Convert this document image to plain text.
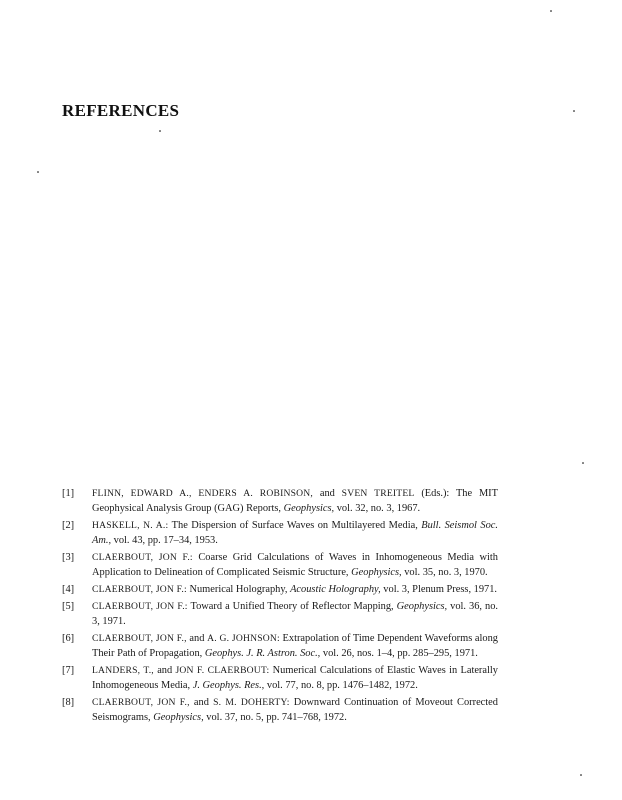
REFERENCES
[1] FLINN, EDWARD A., ENDERS A. ROBINSON, and SVEN TREITEL (Eds.): The MIT Geophysical Analysis Group (GAG) Reports, Geophysics, vol. 32, no. 3, 1967.
[2] HASKELL, N. A.: The Dispersion of Surface Waves on Multilayered Media, Bull. Seismol Soc. Am., vol. 43, pp. 17–34, 1953.
[3] CLAERBOUT, JON F.: Coarse Grid Calculations of Waves in Inhomogeneous Media with Application to Delineation of Complicated Seismic Structure, Geophysics, vol. 35, no. 3, 1970.
[4] CLAERBOUT, JON F.: Numerical Holography, Acoustic Holography, vol. 3, Plenum Press, 1971.
[5] CLAERBOUT, JON F.: Toward a Unified Theory of Reflector Mapping, Geophysics, vol. 36, no. 3, 1971.
[6] CLAERBOUT, JON F., and A. G. JOHNSON: Extrapolation of Time Dependent Waveforms along Their Path of Propagation, Geophys. J. R. Astron. Soc., vol. 26, nos. 1–4, pp. 285–295, 1971.
[7] LANDERS, T., and JON F. CLAERBOUT: Numerical Calculations of Elastic Waves in Laterally Inhomogeneous Media, J. Geophys. Res., vol. 77, no. 8, pp. 1476–1482, 1972.
[8] CLAERBOUT, JON F., and S. M. DOHERTY: Downward Continuation of Moveout Corrected Seismograms, Geophysics, vol. 37, no. 5, pp. 741–768, 1972.
